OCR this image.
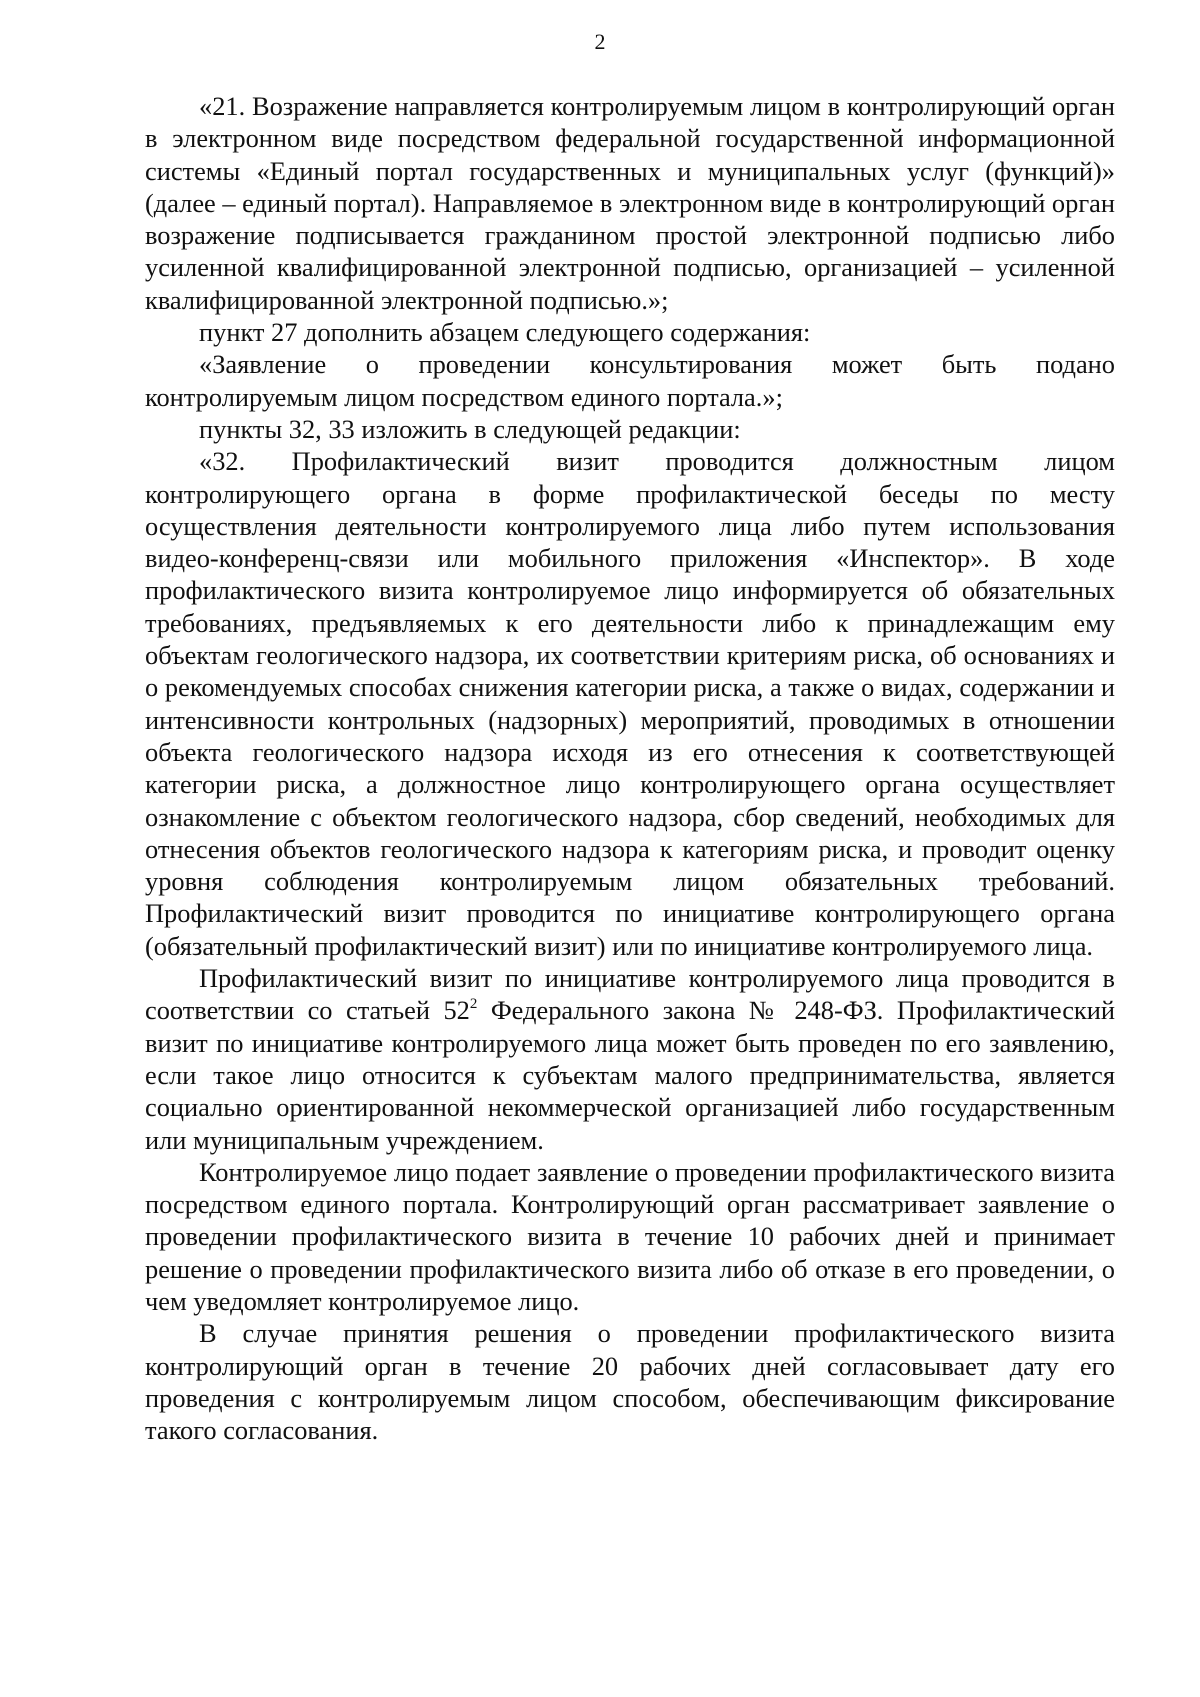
2

«21. Возражение направляется контролируемым лицом в контролирующий орган в электронном виде посредством федеральной государственной информационной системы «Единый портал государственных и муниципальных услуг (функций)» (далее – единый портал). Направляемое в электронном виде в контролирующий орган возражение подписывается гражданином простой электронной подписью либо усиленной квалифицированной электронной подписью, организацией – усиленной квалифицированной электронной подписью.»;

пункт 27 дополнить абзацем следующего содержания:

«Заявление о проведении консультирования может быть подано контролируемым лицом посредством единого портала.»;

пункты 32, 33 изложить в следующей редакции:

«32. Профилактический визит проводится должностным лицом контролирующего органа в форме профилактической беседы по месту осуществления деятельности контролируемого лица либо путем использования видео-конференц-связи или мобильного приложения «Инспектор». В ходе профилактического визита контролируемое лицо информируется об обязательных требованиях, предъявляемых к его деятельности либо к принадлежащим ему объектам геологического надзора, их соответствии критериям риска, об основаниях и о рекомендуемых способах снижения категории риска, а также о видах, содержании и интенсивности контрольных (надзорных) мероприятий, проводимых в отношении объекта геологического надзора исходя из его отнесения к соответствующей категории риска, а должностное лицо контролирующего органа осуществляет ознакомление с объектом геологического надзора, сбор сведений, необходимых для отнесения объектов геологического надзора к категориям риска, и проводит оценку уровня соблюдения контролируемым лицом обязательных требований. Профилактический визит проводится по инициативе контролирующего органа (обязательный профилактический визит) или по инициативе контролируемого лица.

Профилактический визит по инициативе контролируемого лица проводится в соответствии со статьей $52^2$ Федерального закона № 248-ФЗ. Профилактический визит по инициативе контролируемого лица может быть проведен по его заявлению, если такое лицо относится к субъектам малого предпринимательства, является социально ориентированной некоммерческой организацией либо государственным или муниципальным учреждением.

Контролируемое лицо подает заявление о проведении профилактического визита посредством единого портала. Контролирующий орган рассматривает заявление о проведении профилактического визита в течение 10 рабочих дней и принимает решение о проведении профилактического визита либо об отказе в его проведении, о чем уведомляет контролируемое лицо.

В случае принятия решения о проведении профилактического визита контролирующий орган в течение 20 рабочих дней согласовывает дату его проведения с контролируемым лицом способом, обеспечивающим фиксирование такого согласования.
